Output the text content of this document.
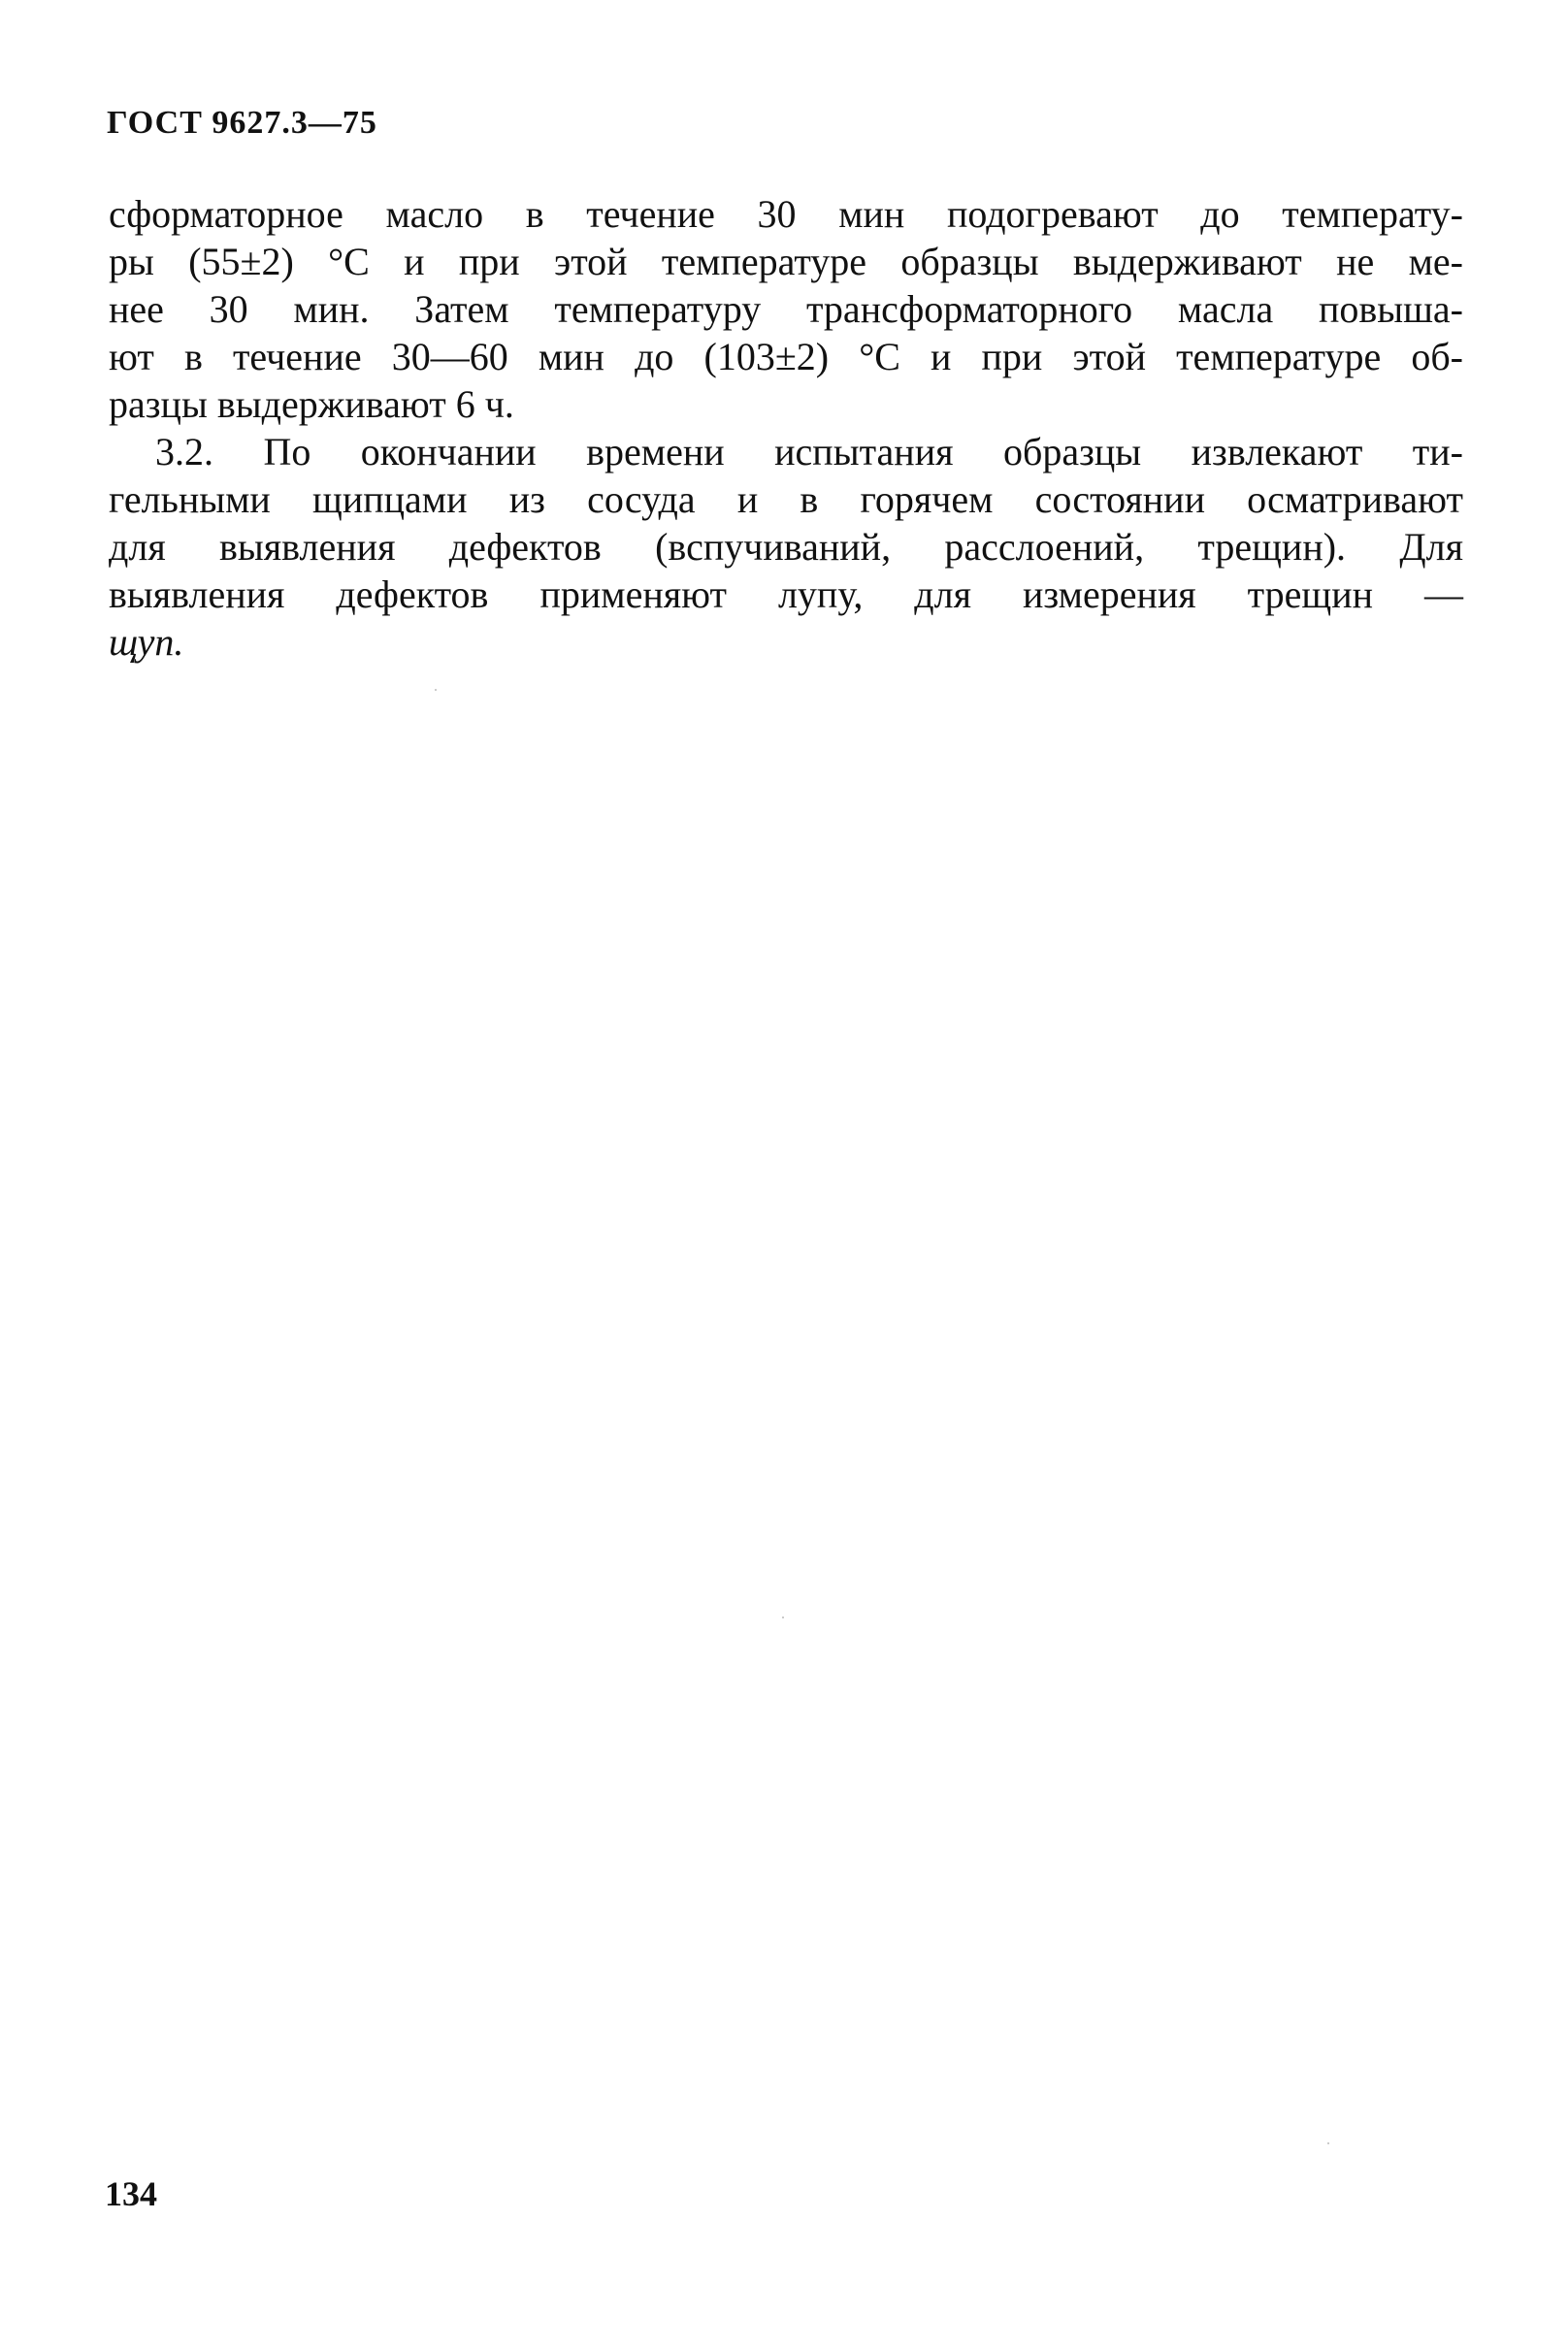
ГОСТ 9627.3—75
сформаторное масло в течение 30 мин подогревают до температу-
ры (55±2) °С и при этой температуре образцы выдерживают не ме-
нее 30 мин. Затем температуру трансформаторного масла повыша-
ют в течение 30—60 мин до (103±2) °С и при этой температуре об-
разцы выдерживают 6 ч.
3.2. По окончании времени испытания образцы извлекают ти-
гельными щипцами из сосуда и в горячем состоянии осматривают
для выявления дефектов (вспучиваний, расслоений, трещин). Для
выявления дефектов применяют лупу, для измерения трещин —
щуп.
134
